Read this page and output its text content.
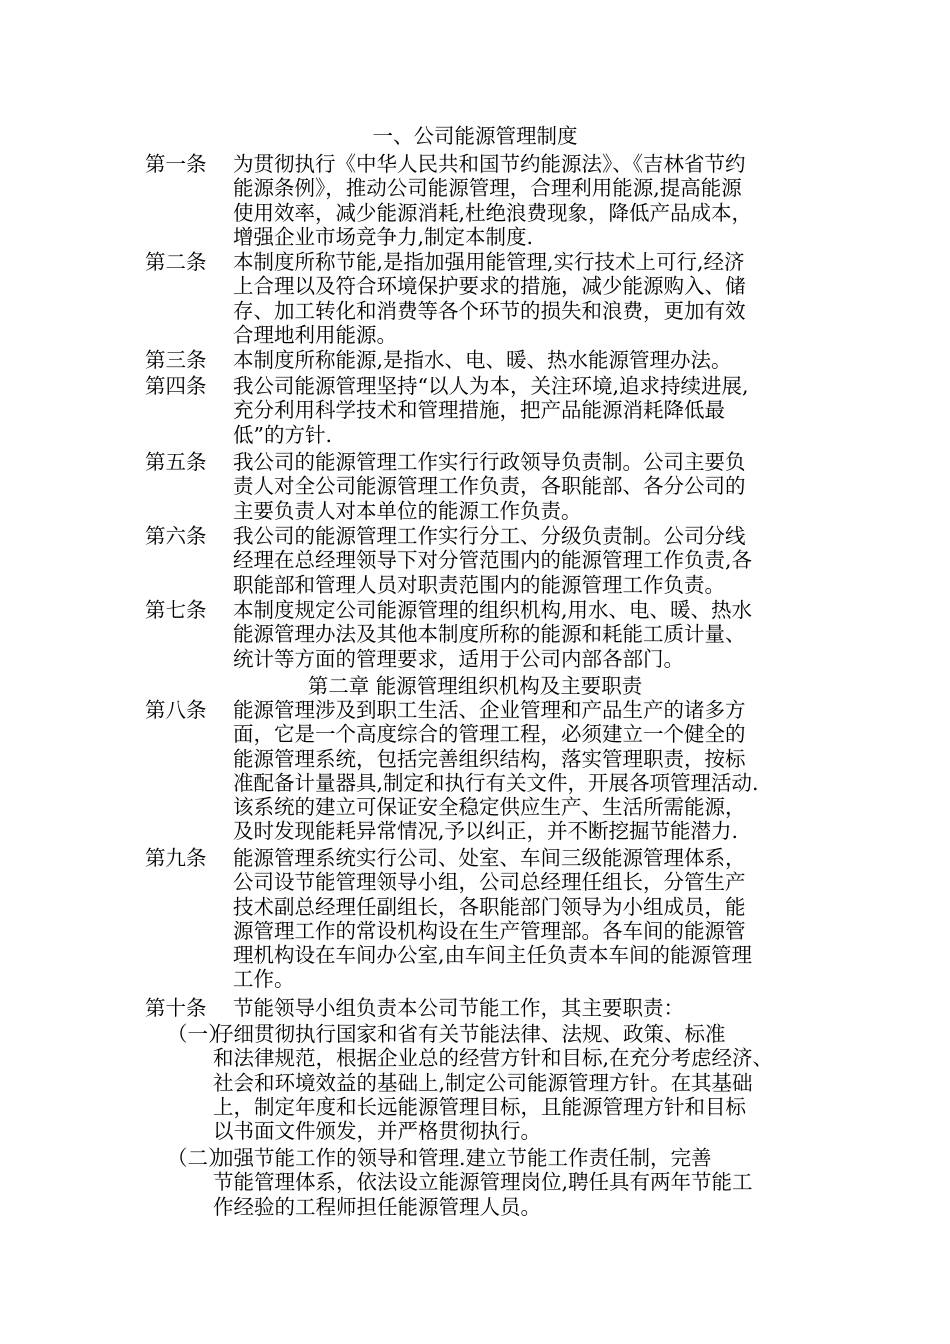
一、公司能源管理制度
第一条 为贯彻执行《中华人民共和国节约能源法》、《吉林省节约
能源条例》，推动公司能源管理，合理利用能源,提高能源
使用效率，减少能源消耗,杜绝浪费现象，降低产品成本，
增强企业市场竞争力,制定本制度.
第二条 本制度所称节能,是指加强用能管理,实行技术上可行,经济
上合理以及符合环境保护要求的措施，减少能源购入、储
存、加工转化和消费等各个环节的损失和浪费，更加有效
合理地利用能源。
第三条 本制度所称能源,是指水、电、暖、热水能源管理办法。
第四条 我公司能源管理坚持“以人为本，关注环境,追求持续进展,
充分利用科学技术和管理措施，把产品能源消耗降低最
低”的方针.
第五条 我公司的能源管理工作实行行政领导负责制。公司主要负
责人对全公司能源管理工作负责，各职能部、各分公司的
主要负责人对本单位的能源工作负责。
第六条 我公司的能源管理工作实行分工、分级负责制。公司分线
经理在总经理领导下对分管范围内的能源管理工作负责,各
职能部和管理人员对职责范围内的能源管理工作负责。
第七条 本制度规定公司能源管理的组织机构,用水、电、暖、热水
能源管理办法及其他本制度所称的能源和耗能工质计量、
统计等方面的管理要求，适用于公司内部各部门。
第二章 能源管理组织机构及主要职责
第八条 能源管理涉及到职工生活、企业管理和产品生产的诸多方
面，它是一个高度综合的管理工程，必须建立一个健全的
能源管理系统，包括完善组织结构，落实管理职责，按标
准配备计量器具,制定和执行有关文件，开展各项管理活动.
该系统的建立可保证安全稳定供应生产、生活所需能源，
及时发现能耗异常情况,予以纠正，并不断挖掘节能潜力.
第九条 能源管理系统实行公司、处室、车间三级能源管理体系，
公司设节能管理领导小组，公司总经理任组长，分管生产
技术副总经理任副组长，各职能部门领导为小组成员，能
源管理工作的常设机构设在生产管理部。各车间的能源管
理机构设在车间办公室,由车间主任负责本车间的能源管理
工作。
第十条 节能领导小组负责本公司节能工作，其主要职责：
（一）
仔细贯彻执行国家和省有关节能法律、法规、政策、标准
和法律规范，根据企业总的经营方针和目标,在充分考虑经济、
社会和环境效益的基础上,制定公司能源管理方针。在其基础
上，制定年度和长远能源管理目标，且能源管理方针和目标
以书面文件颁发，并严格贯彻执行。
（二）
加强节能工作的领导和管理.建立节能工作责任制，完善
节能管理体系，依法设立能源管理岗位,聘任具有两年节能工
作经验的工程师担任能源管理人员。
